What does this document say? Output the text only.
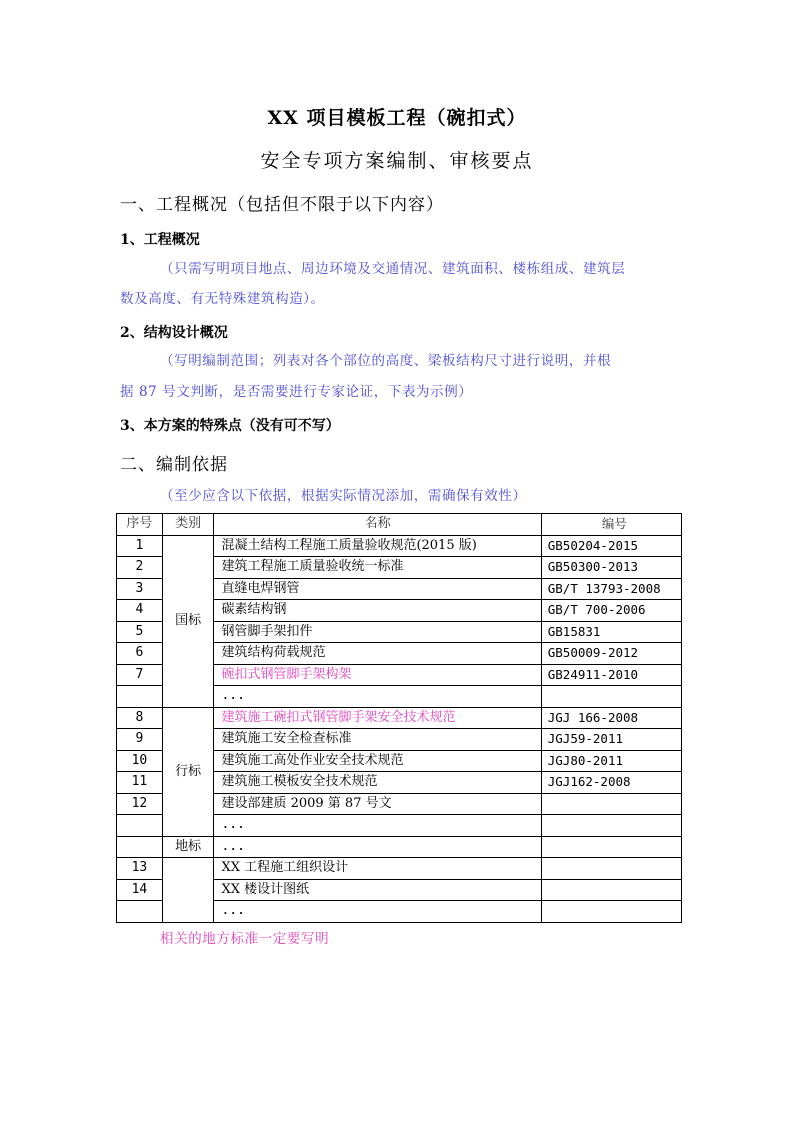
XX 项目模板工程（碗扣式）
安全专项方案编制、审核要点
一、工程概况（包括但不限于以下内容）
1、工程概况
（只需写明项目地点、周边环境及交通情况、建筑面积、楼栋组成、建筑层
数及高度、有无特殊建筑构造）。
2、结构设计概况
（写明编制范围；列表对各个部位的高度、梁板结构尺寸进行说明，并根
据 87 号文判断，是否需要进行专家论证，下表为示例）
3、本方案的特殊点（没有可不写）
二、编制依据
（至少应含以下依据，根据实际情况添加，需确保有效性）
序号	类别	名称	编号
1	国标	混凝土结构工程施工质量验收规范(2015 版)	GB50204-2015
2		建筑工程施工质量验收统一标准	GB50300-2013
3		直缝电焊钢管	GB/T 13793-2008
4		碳素结构钢	GB/T 700-2006
5		钢管脚手架扣件	GB15831
6		建筑结构荷载规范	GB50009-2012
7		碗扣式钢管脚手架构架	GB24911-2010
		...	
8	行标	建筑施工碗扣式钢管脚手架安全技术规范	JGJ 166-2008
9		建筑施工安全检查标准	JGJ59-2011
10		建筑施工高处作业安全技术规范	JGJ80-2011
11		建筑施工模板安全技术规范	JGJ162-2008
12		建设部建质 2009 第 87 号文	
		...	
	地标	...	
13		XX 工程施工组织设计	
14		XX 楼设计图纸	
		...	
相关的地方标准一定要写明
